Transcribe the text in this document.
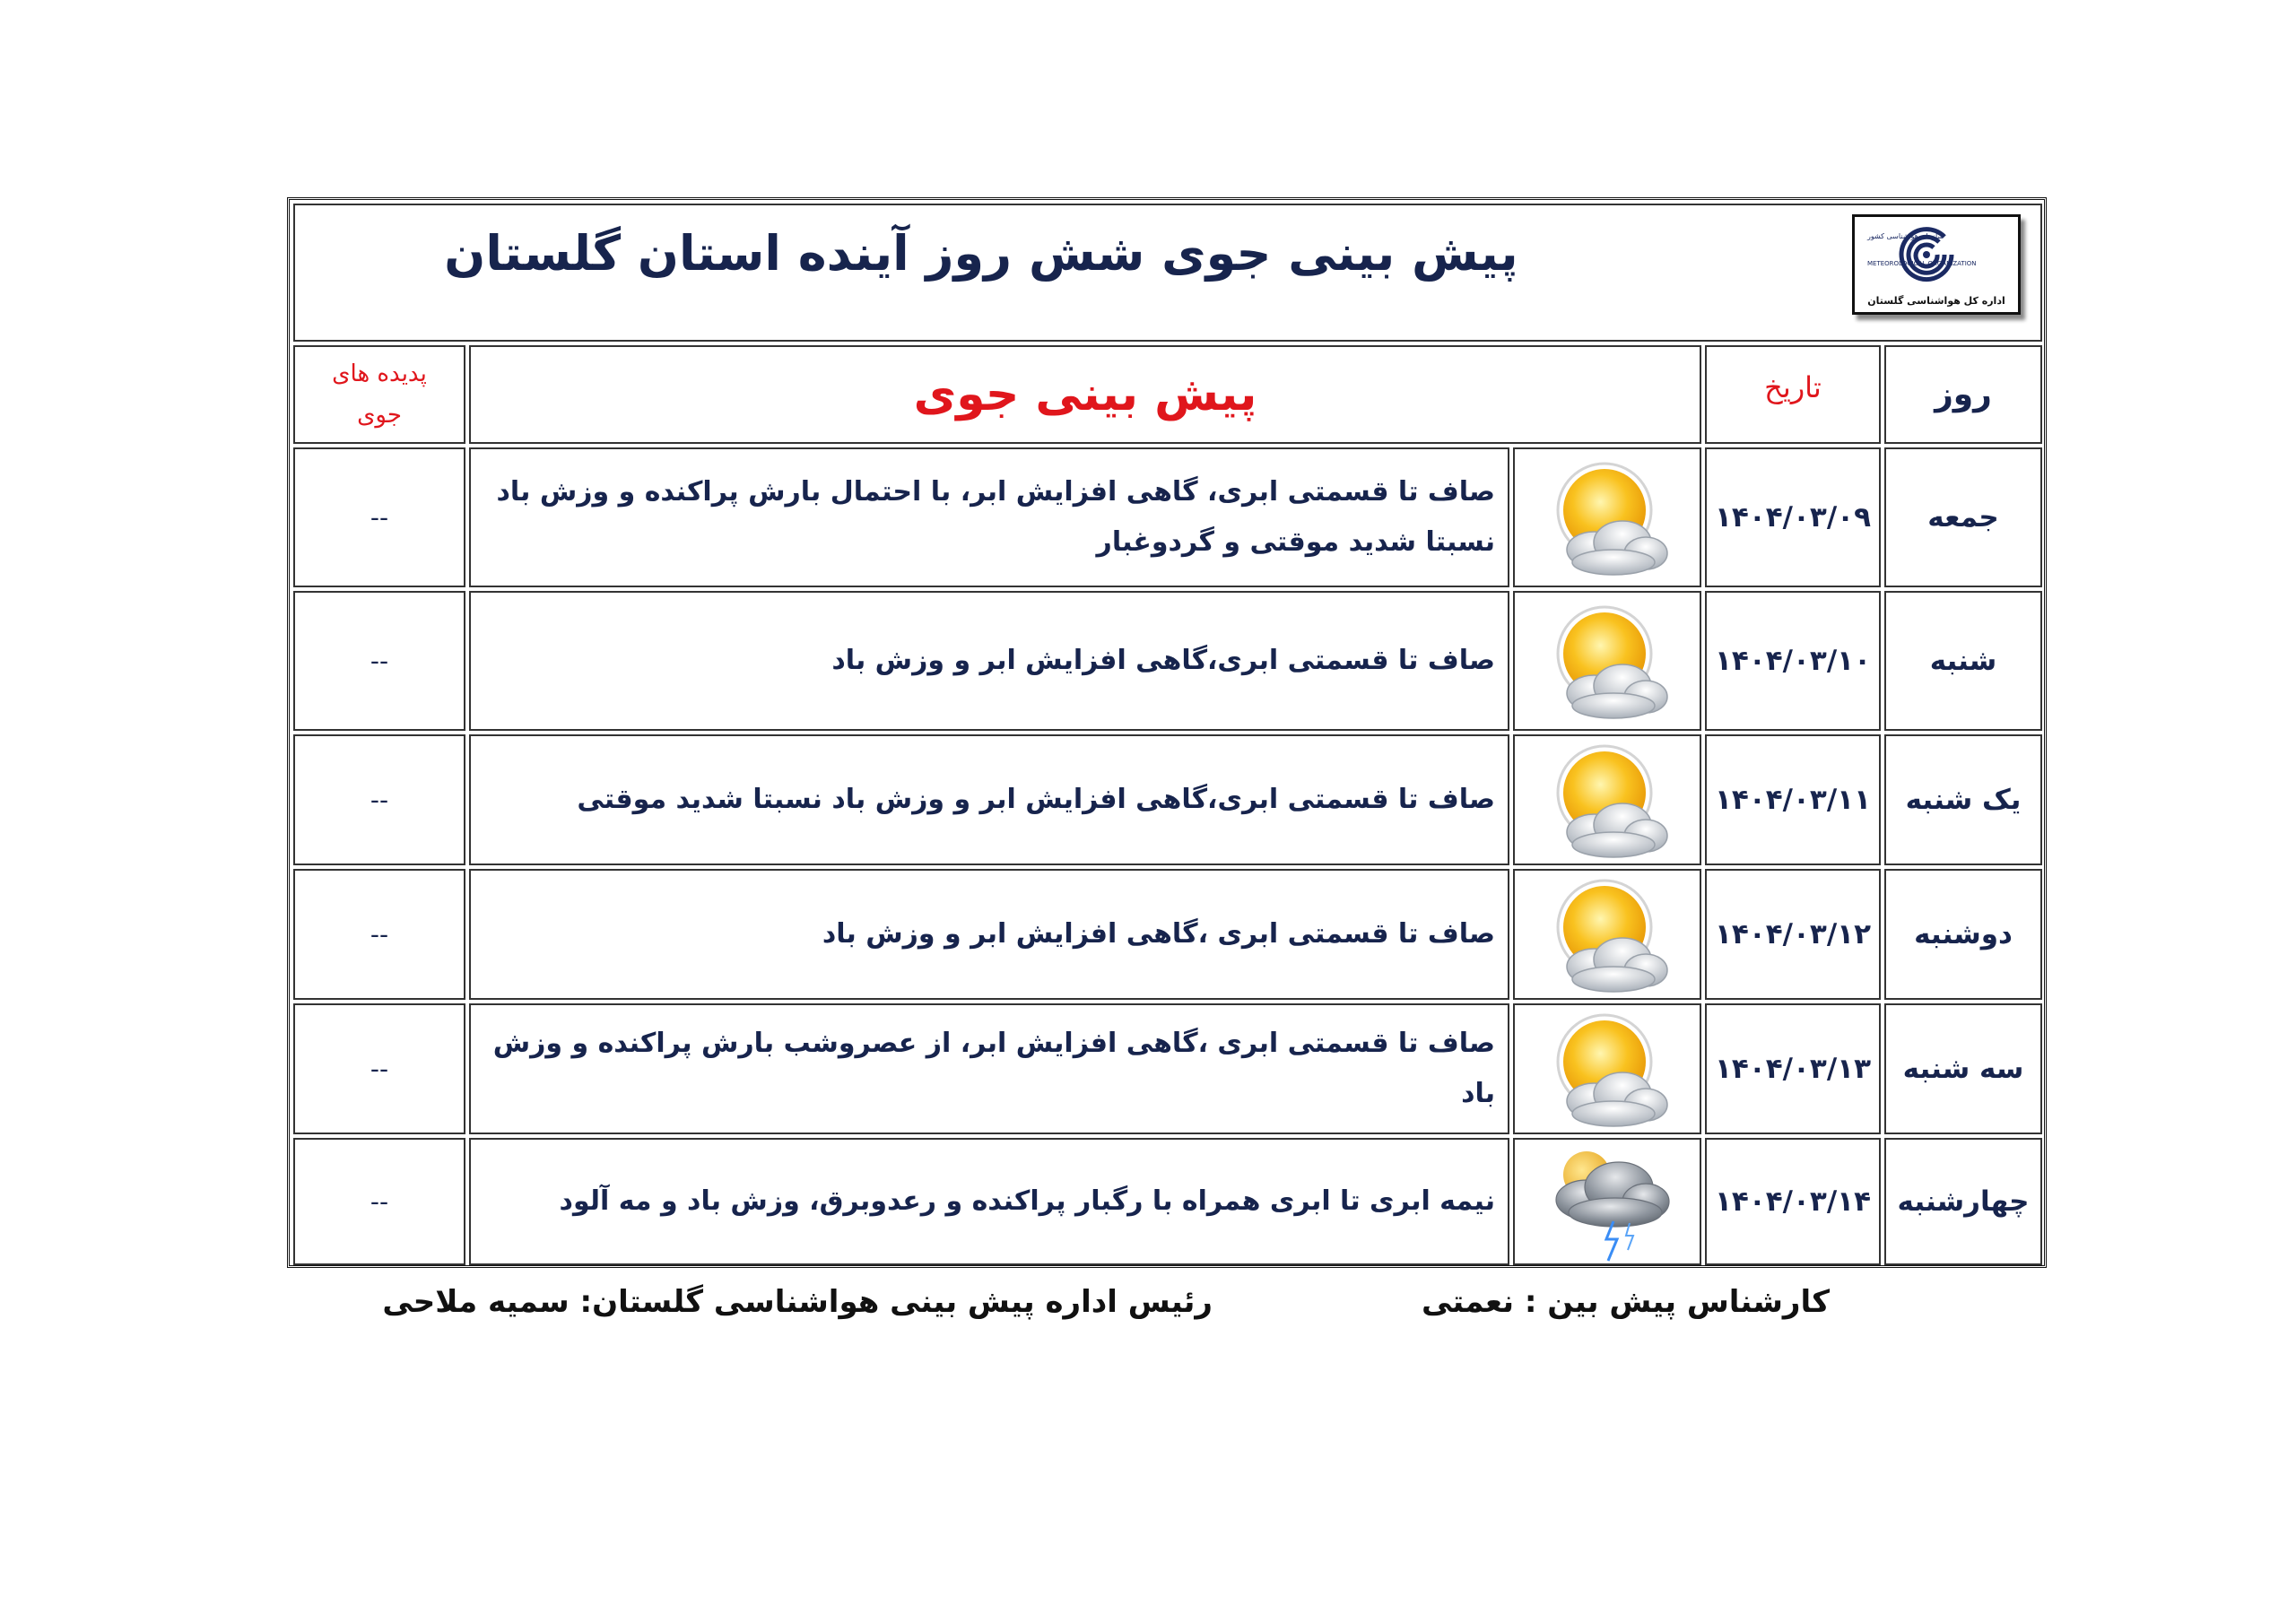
پیش بینی جوی شش روز آینده استان گلستان	سازمان هواشناسی کشور
METEOROLOGICAL ORGANIZATION
اداره کل هواشناسی گلستان
روز
تاریخ
پیش بینی جوی
پدیده های
جوی
جمعه
۱۴۰۴/۰۳/۰۹
صاف تا قسمتی ابری، گاهی افزایش ابر، با احتمال بارش پراکنده و وزش باد نسبتا شدید موقتی و گردوغبار
--
شنبه
۱۴۰۴/۰۳/۱۰
صاف تا قسمتی ابری،گاهی افزایش ابر و وزش باد
--
یک شنبه
۱۴۰۴/۰۳/۱۱
صاف تا قسمتی ابری،گاهی افزایش ابر و وزش باد نسبتا شدید موقتی
--
دوشنبه
۱۴۰۴/۰۳/۱۲
صاف تا قسمتی ابری ،گاهی افزایش ابر و وزش باد
--
سه شنبه
۱۴۰۴/۰۳/۱۳
صاف تا قسمتی ابری ،گاهی افزایش ابر، از عصروشب بارش پراکنده و وزش باد
--
چهارشنبه
۱۴۰۴/۰۳/۱۴
نیمه ابری تا ابری همراه با رگبار پراکنده و رعدوبرق، وزش باد و مه آلود
--
کارشناس پیش بین : نعمتی
رئیس اداره پیش بینی هواشناسی گلستان: سمیه ملاحی
